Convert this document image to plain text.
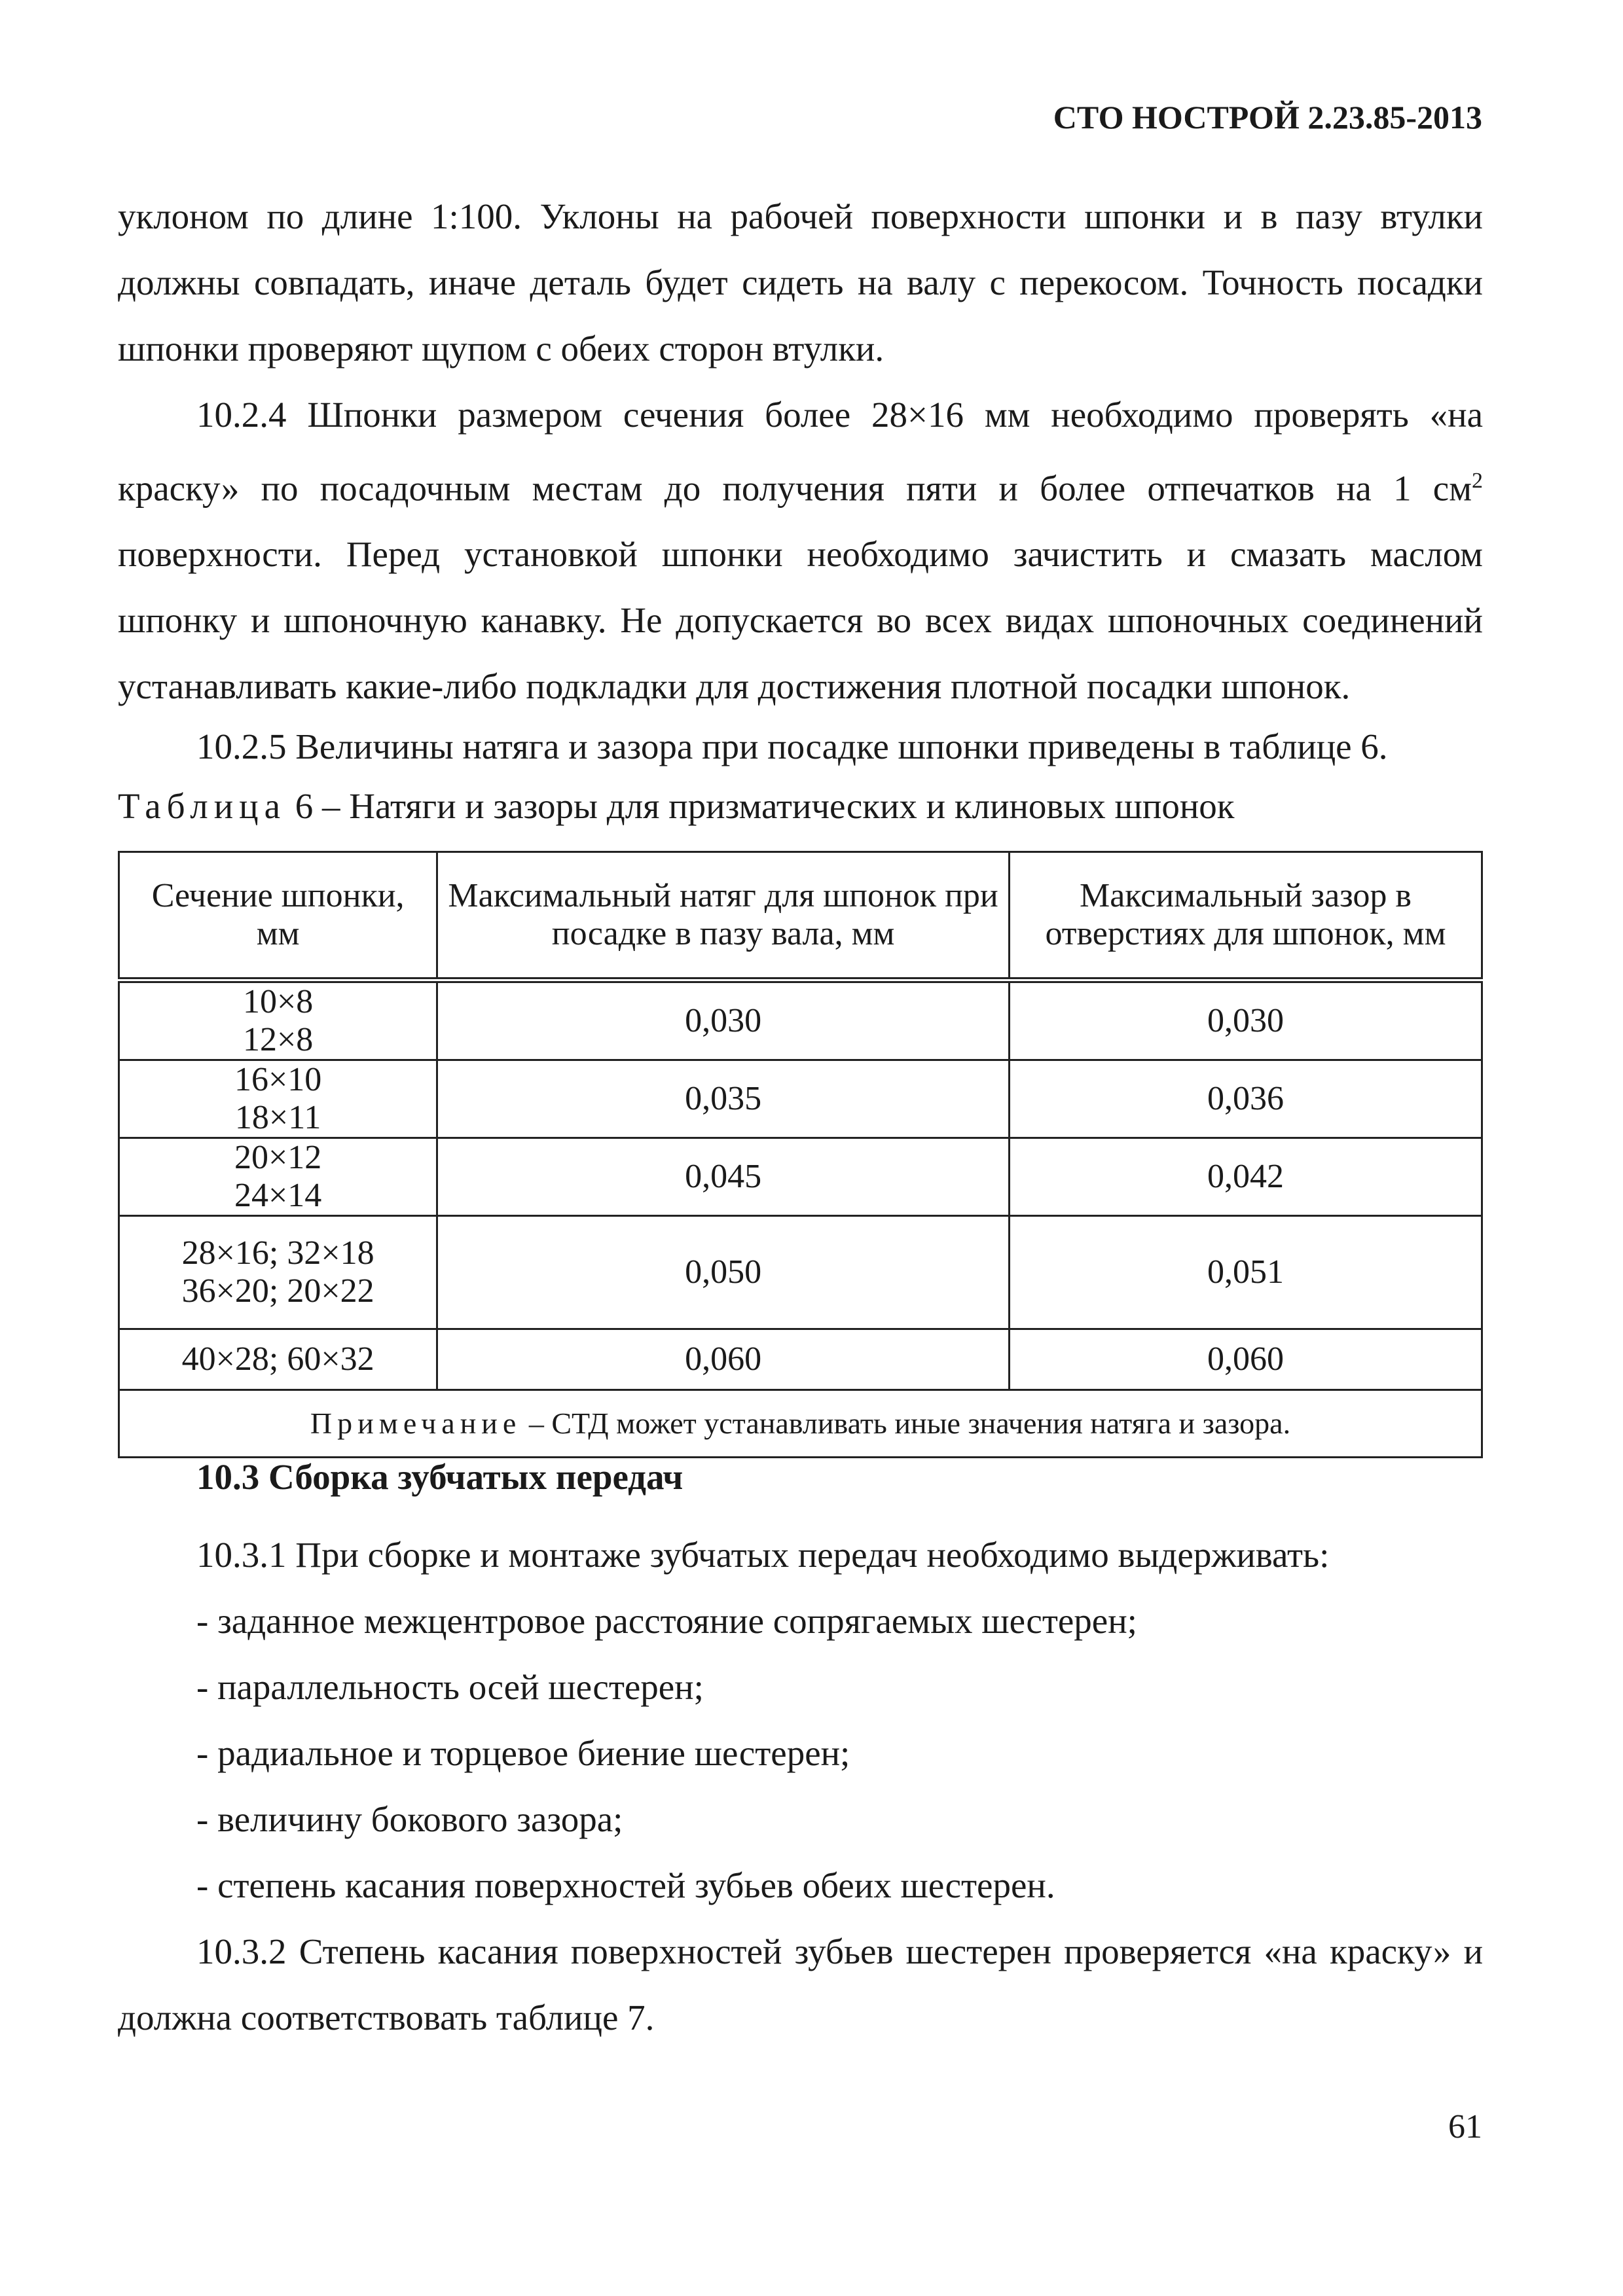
СТО НОСТРОЙ 2.23.85-2013

уклоном по длине 1:100. Уклоны на рабочей поверхности шпонки и в пазу втулки должны совпадать, иначе деталь будет сидеть на валу с перекосом. Точность посадки шпонки проверяют щупом с обеих сторон втулки.

10.2.4 Шпонки размером сечения более 28×16 мм необходимо проверять «на краску» по посадочным местам до получения пяти и более отпечатков на 1 $см^2$ поверхности. Перед установкой шпонки необходимо зачистить и смазать маслом шпонку и шпоночную канавку. Не допускается во всех видах шпоночных соединений устанавливать какие-либо подкладки для достижения плотной посадки шпонок.

10.2.5 Величины натяга и зазора при посадке шпонки приведены в таблице 6.

Таблица 6 – Натяги и зазоры для призматических и клиновых шпонок
Сечение шпонки, мм	Максимальный натяг для шпонок при посадке в пазу вала, мм	Максимальный зазор в отверстиях для шпонок, мм

10×8
12×8	0,030	0,030

16×10
18×11	0,035	0,036

20×12
24×14	0,045	0,042

28×16; 32×18
36×20; 20×22	0,050	0,051
40×28; 60×32	0,060	0,060
Примечание – СТД может устанавливать иные значения натяга и зазора.		
10.3 Сборка зубчатых передач

10.3.1 При сборке и монтаже зубчатых передач необходимо выдерживать:

- заданное межцентровое расстояние сопрягаемых шестерен;
- параллельность осей шестерен;
- радиальное и торцевое биение шестерен;
- величину бокового зазора;
- степень касания поверхностей зубьев обеих шестерен.

10.3.2 Степень касания поверхностей зубьев шестерен проверяется «на краску» и должна соответствовать таблице 7.

61
